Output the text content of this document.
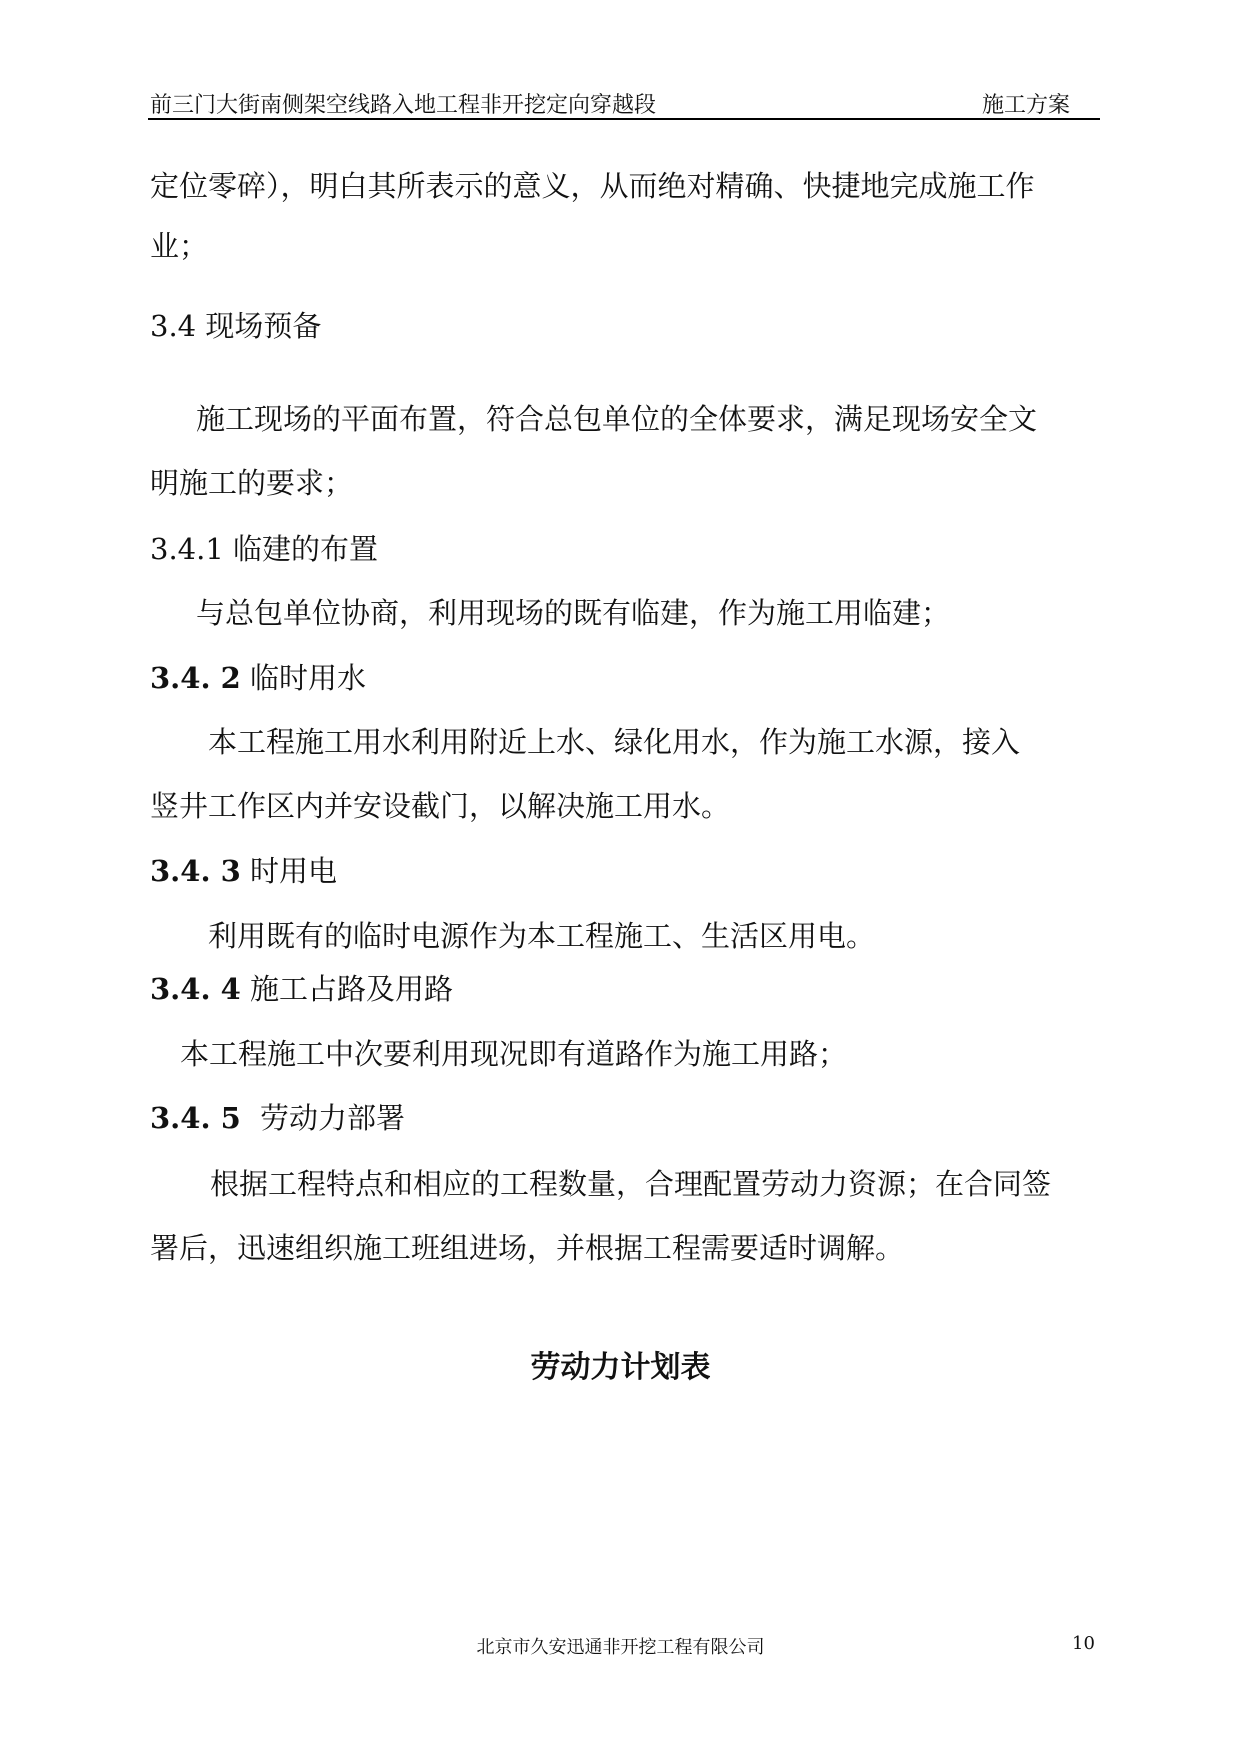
前三门大街南侧架空线路入地工程非开挖定向穿越段	施工方案
定位零碎），明白其所表示的意义，从而绝对精确、快捷地完成施工作
业；
3.4 现场预备
施工现场的平面布置，符合总包单位的全体要求，满足现场安全文
明施工的要求；
3.4.1 临建的布置
与总包单位协商，利用现场的既有临建，作为施工用临建；
3.4. 2 临时用水
本工程施工用水利用附近上水、绿化用水，作为施工水源，接入
竖井工作区内并安设截门，以解决施工用水。
3.4. 3 时用电
利用既有的临时电源作为本工程施工、生活区用电。
3.4. 4 施工占路及用路
本工程施工中次要利用现况即有道路作为施工用路；
3.4. 5 劳动力部署
根据工程特点和相应的工程数量，合理配置劳动力资源；在合同签
署后，迅速组织施工班组进场，并根据工程需要适时调解。
劳动力计划表
北京市久安迅通非开挖工程有限公司	10
